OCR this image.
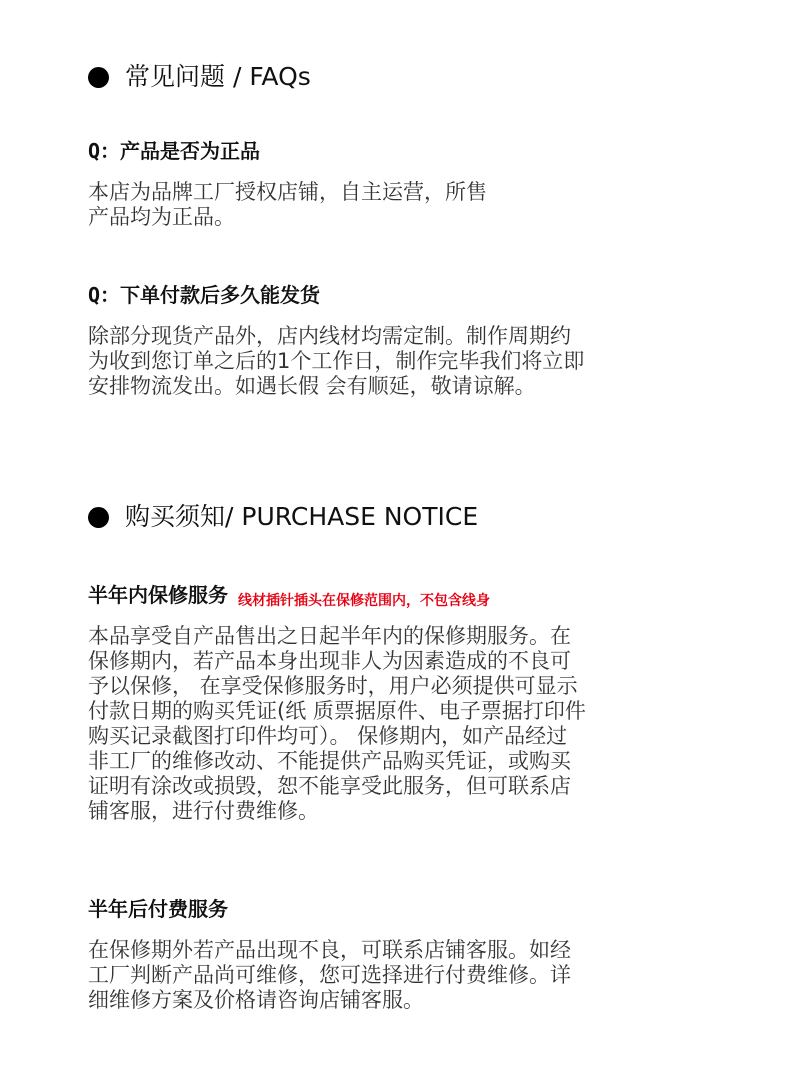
常见问题 / FAQs
Q：产品是否为正品
本店为品牌工厂授权店铺，自主运营，所售
产品均为正品。
Q：下单付款后多久能发货
除部分现货产品外，店内线材均需定制。制作周期约
为收到您订单之后的1个工作日，制作完毕我们将立即
安排物流发出。如遇长假 会有顺延，敬请谅解。
购买须知/ PURCHASE NOTICE
半年内保修服务 线材插针插头在保修范围内，不包含线身
本品享受自产品售出之日起半年内的保修期服务。在
保修期内，若产品本身出现非人为因素造成的不良可
予以保修， 在享受保修服务时，用户必须提供可显示
付款日期的购买凭证(纸 质票据原件、电子票据打印件
购买记录截图打印件均可）。 保修期内，如产品经过
非工厂的维修改动、不能提供产品购买凭证，或购买
证明有涂改或损毁，恕不能享受此服务，但可联系店
铺客服，进行付费维修。
半年后付费服务
在保修期外若产品出现不良，可联系店铺客服。如经
工厂判断产品尚可维修，您可选择进行付费维修。详
细维修方案及价格请咨询店铺客服。
